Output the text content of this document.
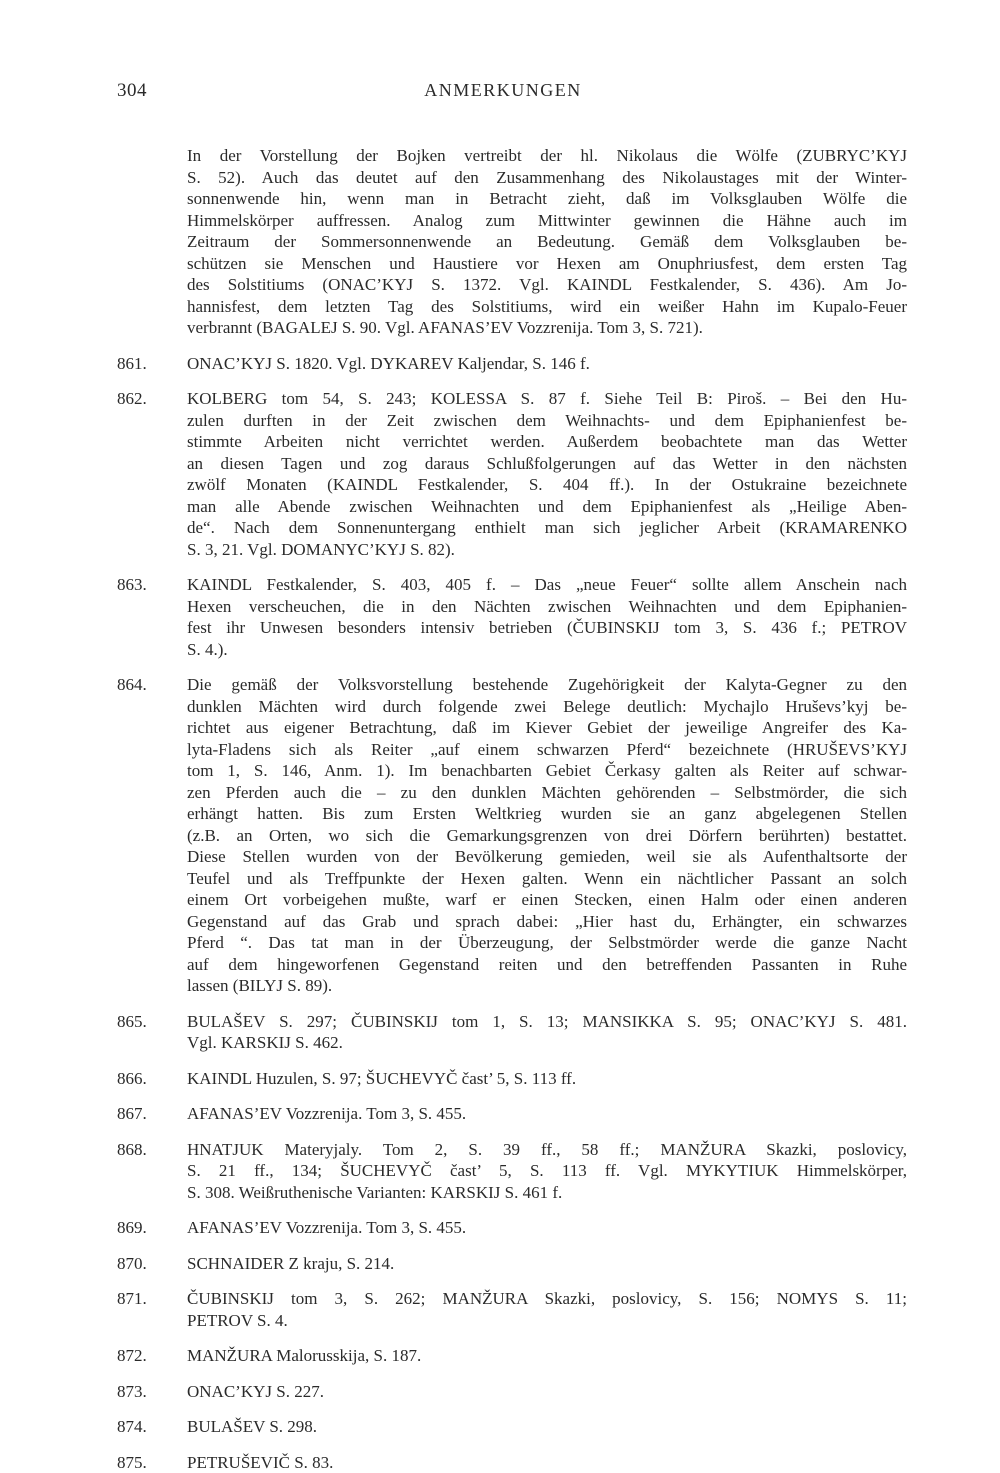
304	ANMERKUNGEN
In der Vorstellung der Bojken vertreibt der hl. Nikolaus die Wölfe (ZUBRYC’KYJ
S. 52). Auch das deutet auf den Zusammenhang des Nikolaustages mit der Winter-
sonnenwende hin, wenn man in Betracht zieht, daß im Volksglauben Wölfe die
Himmelskörper auffressen. Analog zum Mittwinter gewinnen die Hähne auch im
Zeitraum der Sommersonnenwende an Bedeutung. Gemäß dem Volksglauben be-
schützen sie Menschen und Haustiere vor Hexen am Onuphriusfest, dem ersten Tag
des Solstitiums (ONAC’KYJ S. 1372. Vgl. KAINDL Festkalender, S. 436). Am Jo-
hannisfest, dem letzten Tag des Solstitiums, wird ein weißer Hahn im Kupalo-Feuer
verbrannt (BAGALEJ S. 90. Vgl. AFANAS’EV Vozzrenija. Tom 3, S. 721).
861. ONAC’KYJ S. 1820. Vgl. DYKAREV Kaljendar, S. 146 f.
862. KOLBERG tom 54, S. 243; KOLESSA S. 87 f. Siehe Teil B: Piroš. – Bei den Hu-
zulen durften in der Zeit zwischen dem Weihnachts- und dem Epiphanienfest be-
stimmte Arbeiten nicht verrichtet werden. Außerdem beobachtete man das Wetter
an diesen Tagen und zog daraus Schlußfolgerungen auf das Wetter in den nächsten
zwölf Monaten (KAINDL Festkalender, S. 404 ff.). In der Ostukraine bezeichnete
man alle Abende zwischen Weihnachten und dem Epiphanienfest als „Heilige Aben-
de“. Nach dem Sonnenuntergang enthielt man sich jeglicher Arbeit (KRAMARENKO
S. 3, 21. Vgl. DOMANYC’KYJ S. 82).
863. KAINDL Festkalender, S. 403, 405 f. – Das „neue Feuer“ sollte allem Anschein nach
Hexen verscheuchen, die in den Nächten zwischen Weihnachten und dem Epiphanien-
fest ihr Unwesen besonders intensiv betrieben (ČUBINSKIJ tom 3, S. 436 f.; PETROV
S. 4.).
864. Die gemäß der Volksvorstellung bestehende Zugehörigkeit der Kalyta-Gegner zu den
dunklen Mächten wird durch folgende zwei Belege deutlich: Mychajlo Hruševs’kyj be-
richtet aus eigener Betrachtung, daß im Kiever Gebiet der jeweilige Angreifer des Ka-
lyta-Fladens sich als Reiter „auf einem schwarzen Pferd“ bezeichnete (HRUŠEVS’KYJ
tom 1, S. 146, Anm. 1). Im benachbarten Gebiet Čerkasy galten als Reiter auf schwar-
zen Pferden auch die – zu den dunklen Mächten gehörenden – Selbstmörder, die sich
erhängt hatten. Bis zum Ersten Weltkrieg wurden sie an ganz abgelegenen Stellen
(z.B. an Orten, wo sich die Gemarkungsgrenzen von drei Dörfern berührten) bestattet.
Diese Stellen wurden von der Bevölkerung gemieden, weil sie als Aufenthaltsorte der
Teufel und als Treffpunkte der Hexen galten. Wenn ein nächtlicher Passant an solch
einem Ort vorbeigehen mußte, warf er einen Stecken, einen Halm oder einen anderen
Gegenstand auf das Grab und sprach dabei: „Hier hast du, Erhängter, ein schwarzes
Pferd “. Das tat man in der Überzeugung, der Selbstmörder werde die ganze Nacht
auf dem hingeworfenen Gegenstand reiten und den betreffenden Passanten in Ruhe
lassen (BILYJ S. 89).
865. BULAŠEV S. 297; ČUBINSKIJ tom 1, S. 13; MANSIKKA S. 95; ONAC’KYJ S. 481.
Vgl. KARSKIJ S. 462.
866. KAINDL Huzulen, S. 97; ŠUCHEVYČ čast’ 5, S. 113 ff.
867. AFANAS’EV Vozzrenija. Tom 3, S. 455.
868. HNATJUK Materyjaly. Tom 2, S. 39 ff., 58 ff.; MANŽURA Skazki, poslovicy,
S. 21 ff., 134; ŠUCHEVYČ čast’ 5, S. 113 ff. Vgl. MYKYTIUK Himmelskörper,
S. 308. Weißruthenische Varianten: KARSKIJ S. 461 f.
869. AFANAS’EV Vozzrenija. Tom 3, S. 455.
870. SCHNAIDER Z kraju, S. 214.
871. ČUBINSKIJ tom 3, S. 262; MANŽURA Skazki, poslovicy, S. 156; NOMYS S. 11;
PETROV S. 4.
872. MANŽURA Malorusskija, S. 187.
873. ONAC’KYJ S. 227.
874. BULAŠEV S. 298.
875. PETRUŠEVIČ S. 83.
